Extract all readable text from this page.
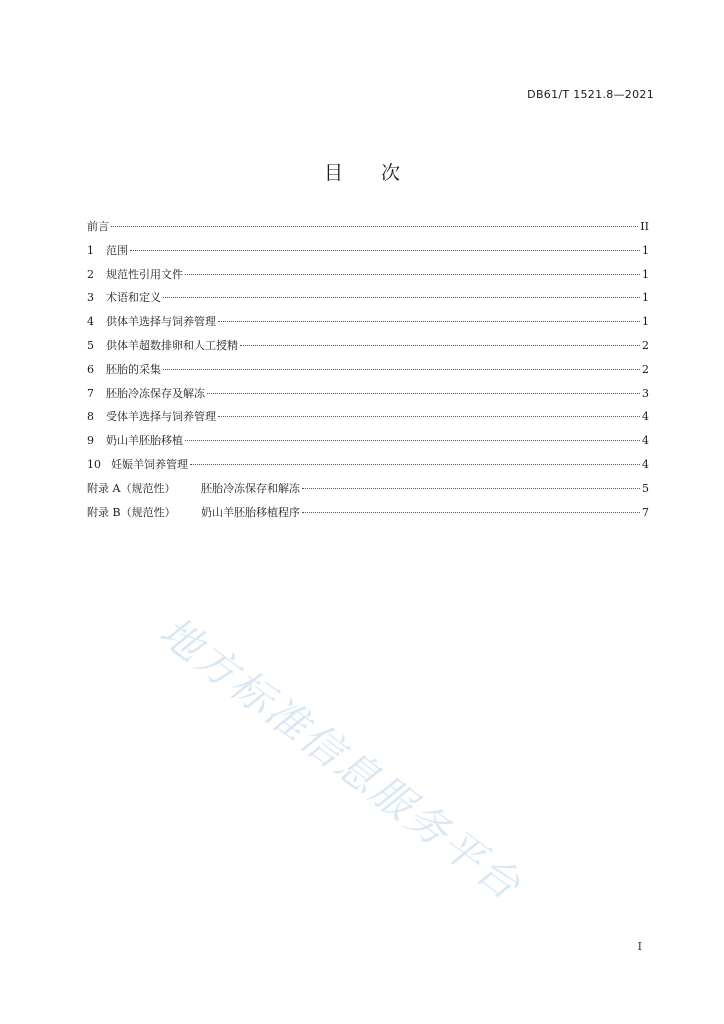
DB61/T 1521.8—2021
目 次
前言	II
1	范围	1
2	规范性引用文件	1
3	术语和定义	1
4	供体羊选择与饲养管理	1
5	供体羊超数排卵和人工授精	2
6	胚胎的采集	2
7	胚胎冷冻保存及解冻	3
8	受体羊选择与饲养管理	4
9	奶山羊胚胎移植	4
10 妊娠羊饲养管理	4
附录 A（规范性）	胚胎冷冻保存和解冻	5
附录 B（规范性）	奶山羊胚胎移植程序	7
地方标准信息服务平台
I
